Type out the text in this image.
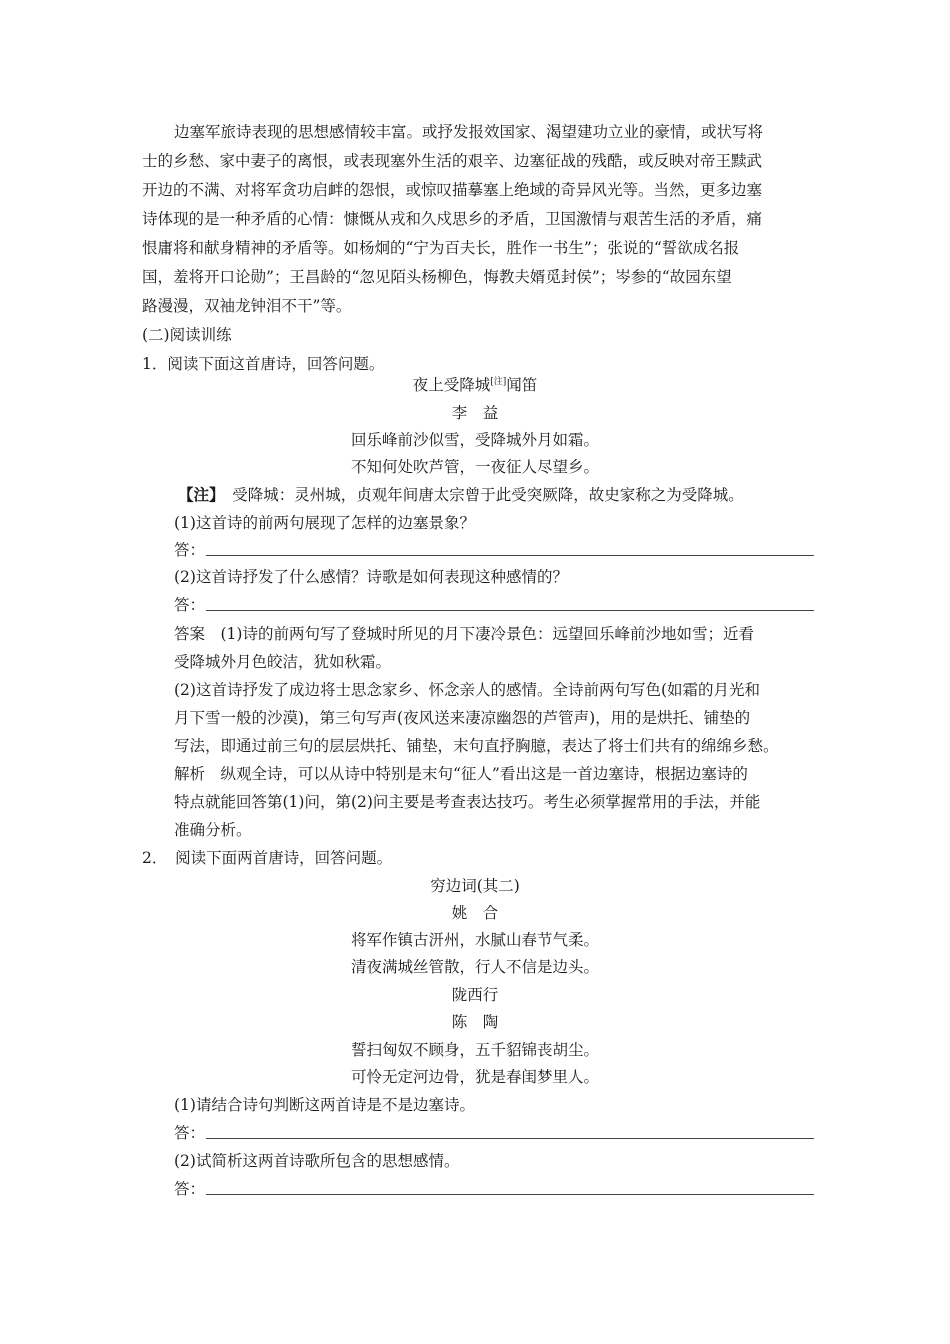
边塞军旅诗表现的思想感情较丰富。或抒发报效国家、渴望建功立业的豪情，或状写将
士的乡愁、家中妻子的离恨，或表现塞外生活的艰辛、边塞征战的残酷，或反映对帝王黩武
开边的不满、对将军贪功启衅的怨恨，或惊叹描摹塞上绝域的奇异风光等。当然，更多边塞
诗体现的是一种矛盾的心情：慷慨从戎和久戍思乡的矛盾，卫国激情与艰苦生活的矛盾，痛
恨庸将和献身精神的矛盾等。如杨炯的“宁为百夫长，胜作一书生”；张说的“誓欲成名报
国，羞将开口论勋”；王昌龄的“忽见陌头杨柳色，悔教夫婿觅封侯”；岑参的“故园东望
路漫漫，双袖龙钟泪不干”等。
(二)阅读训练
1．阅读下面这首唐诗，回答问题。
夜上受降城[注]闻笛
李　益
回乐峰前沙似雪，受降城外月如霜。
不知何处吹芦管，一夜征人尽望乡。
【注】　受降城：灵州城，贞观年间唐太宗曾于此受突厥降，故史家称之为受降城。
(1)这首诗的前两句展现了怎样的边塞景象？
答：
(2)这首诗抒发了什么感情？诗歌是如何表现这种感情的？
答：
答案　(1)诗的前两句写了登城时所见的月下凄冷景色：远望回乐峰前沙地如雪；近看
受降城外月色皎洁，犹如秋霜。
(2)这首诗抒发了成边将士思念家乡、怀念亲人的感情。全诗前两句写色(如霜的月光和
月下雪一般的沙漠)，第三句写声(夜风送来凄凉幽怨的芦管声)，用的是烘托、铺垫的
写法，即通过前三句的层层烘托、铺垫，末句直抒胸臆，表达了将士们共有的绵绵乡愁。
解析　纵观全诗，可以从诗中特别是末句“征人”看出这是一首边塞诗，根据边塞诗的
特点就能回答第(1)问，第(2)问主要是考查表达技巧。考生必须掌握常用的手法，并能
准确分析。
2．　阅读下面两首唐诗，回答问题。
穷边词(其二)
姚　合
将军作镇古汧州，水腻山春节气柔。
清夜满城丝管散，行人不信是边头。
陇西行
陈　陶
誓扫匈奴不顾身，五千貂锦丧胡尘。
可怜无定河边骨，犹是春闺梦里人。
(1)请结合诗句判断这两首诗是不是边塞诗。
答：
(2)试简析这两首诗歌所包含的思想感情。
答：
